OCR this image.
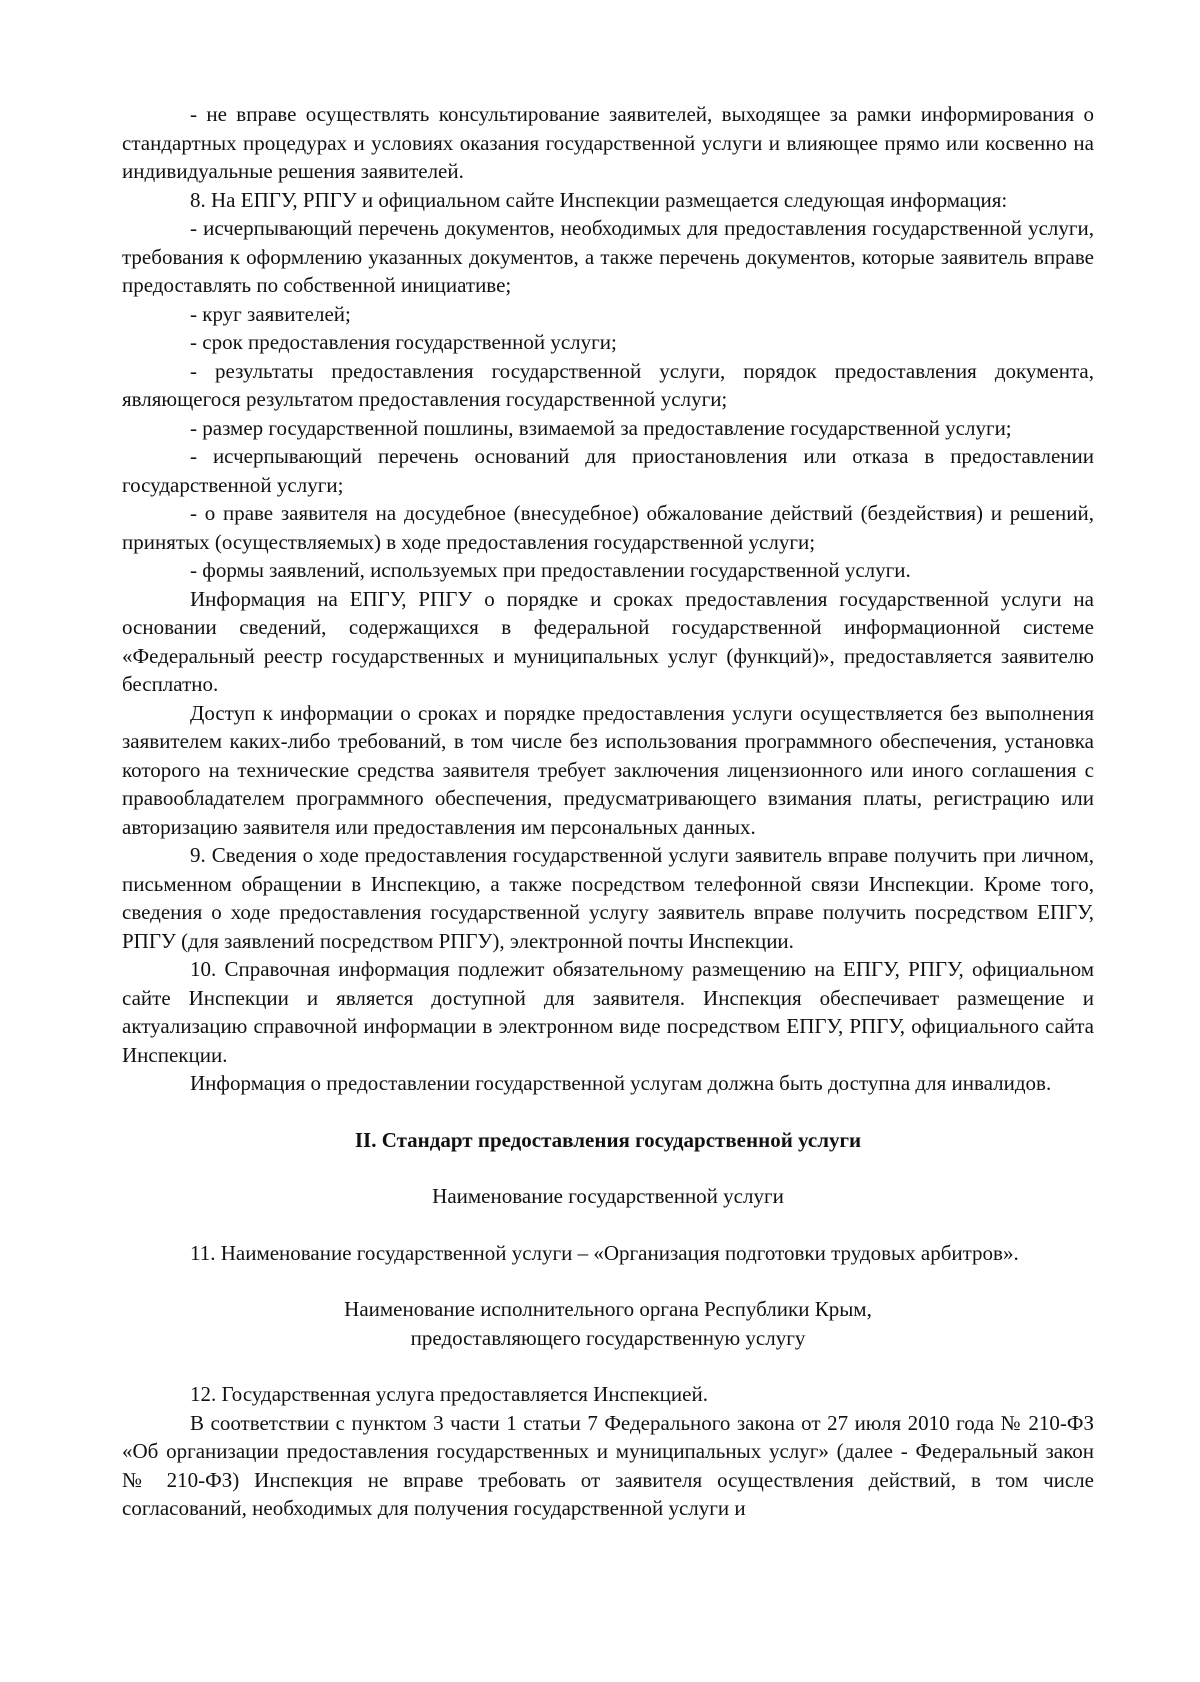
- не вправе осуществлять консультирование заявителей, выходящее за рамки информирования о стандартных процедурах и условиях оказания государственной услуги и влияющее прямо или косвенно на индивидуальные решения заявителей.

8. На ЕПГУ, РПГУ и официальном сайте Инспекции размещается следующая информация:

- исчерпывающий перечень документов, необходимых для предоставления государственной услуги, требования к оформлению указанных документов, а также перечень документов, которые заявитель вправе предоставлять по собственной инициативе;

- круг заявителей;

- срок предоставления государственной услуги;

- результаты предоставления государственной услуги, порядок предоставления документа, являющегося результатом предоставления государственной услуги;

- размер государственной пошлины, взимаемой за предоставление государственной услуги;

- исчерпывающий перечень оснований для приостановления или отказа в предоставлении государственной услуги;

- о праве заявителя на досудебное (внесудебное) обжалование действий (бездействия) и решений, принятых (осуществляемых) в ходе предоставления государственной услуги;

- формы заявлений, используемых при предоставлении государственной услуги.

Информация на ЕПГУ, РПГУ о порядке и сроках предоставления государственной услуги на основании сведений, содержащихся в федеральной государственной информационной системе «Федеральный реестр государственных и муниципальных услуг (функций)», предоставляется заявителю бесплатно.

Доступ к информации о сроках и порядке предоставления услуги осуществляется без выполнения заявителем каких-либо требований, в том числе без использования программного обеспечения, установка которого на технические средства заявителя требует заключения лицензионного или иного соглашения с правообладателем программного обеспечения, предусматривающего взимания платы, регистрацию или авторизацию заявителя или предоставления им персональных данных.

9. Сведения о ходе предоставления государственной услуги заявитель вправе получить при личном, письменном обращении в Инспекцию, а также посредством телефонной связи Инспекции. Кроме того, сведения о ходе предоставления государственной услугу заявитель вправе получить посредством ЕПГУ, РПГУ (для заявлений посредством РПГУ), электронной почты Инспекции.

10. Справочная информация подлежит обязательному размещению на ЕПГУ, РПГУ, официальном сайте Инспекции и является доступной для заявителя. Инспекция обеспечивает размещение и актуализацию справочной информации в электронном виде посредством ЕПГУ, РПГУ, официального сайта Инспекции.

Информация о предоставлении государственной услугам должна быть доступна для инвалидов.

II. Стандарт предоставления государственной услуги

Наименование государственной услуги

11. Наименование государственной услуги – «Организация подготовки трудовых арбитров».

Наименование исполнительного органа Республики Крым,

предоставляющего государственную услугу

12. Государственная услуга предоставляется Инспекцией.

В соответствии с пунктом 3 части 1 статьи 7 Федерального закона от 27 июля 2010 года № 210-ФЗ «Об организации предоставления государственных и муниципальных услуг» (далее - Федеральный закон № 210-ФЗ) Инспекция не вправе требовать от заявителя осуществления действий, в том числе согласований, необходимых для получения государственной услуги и
